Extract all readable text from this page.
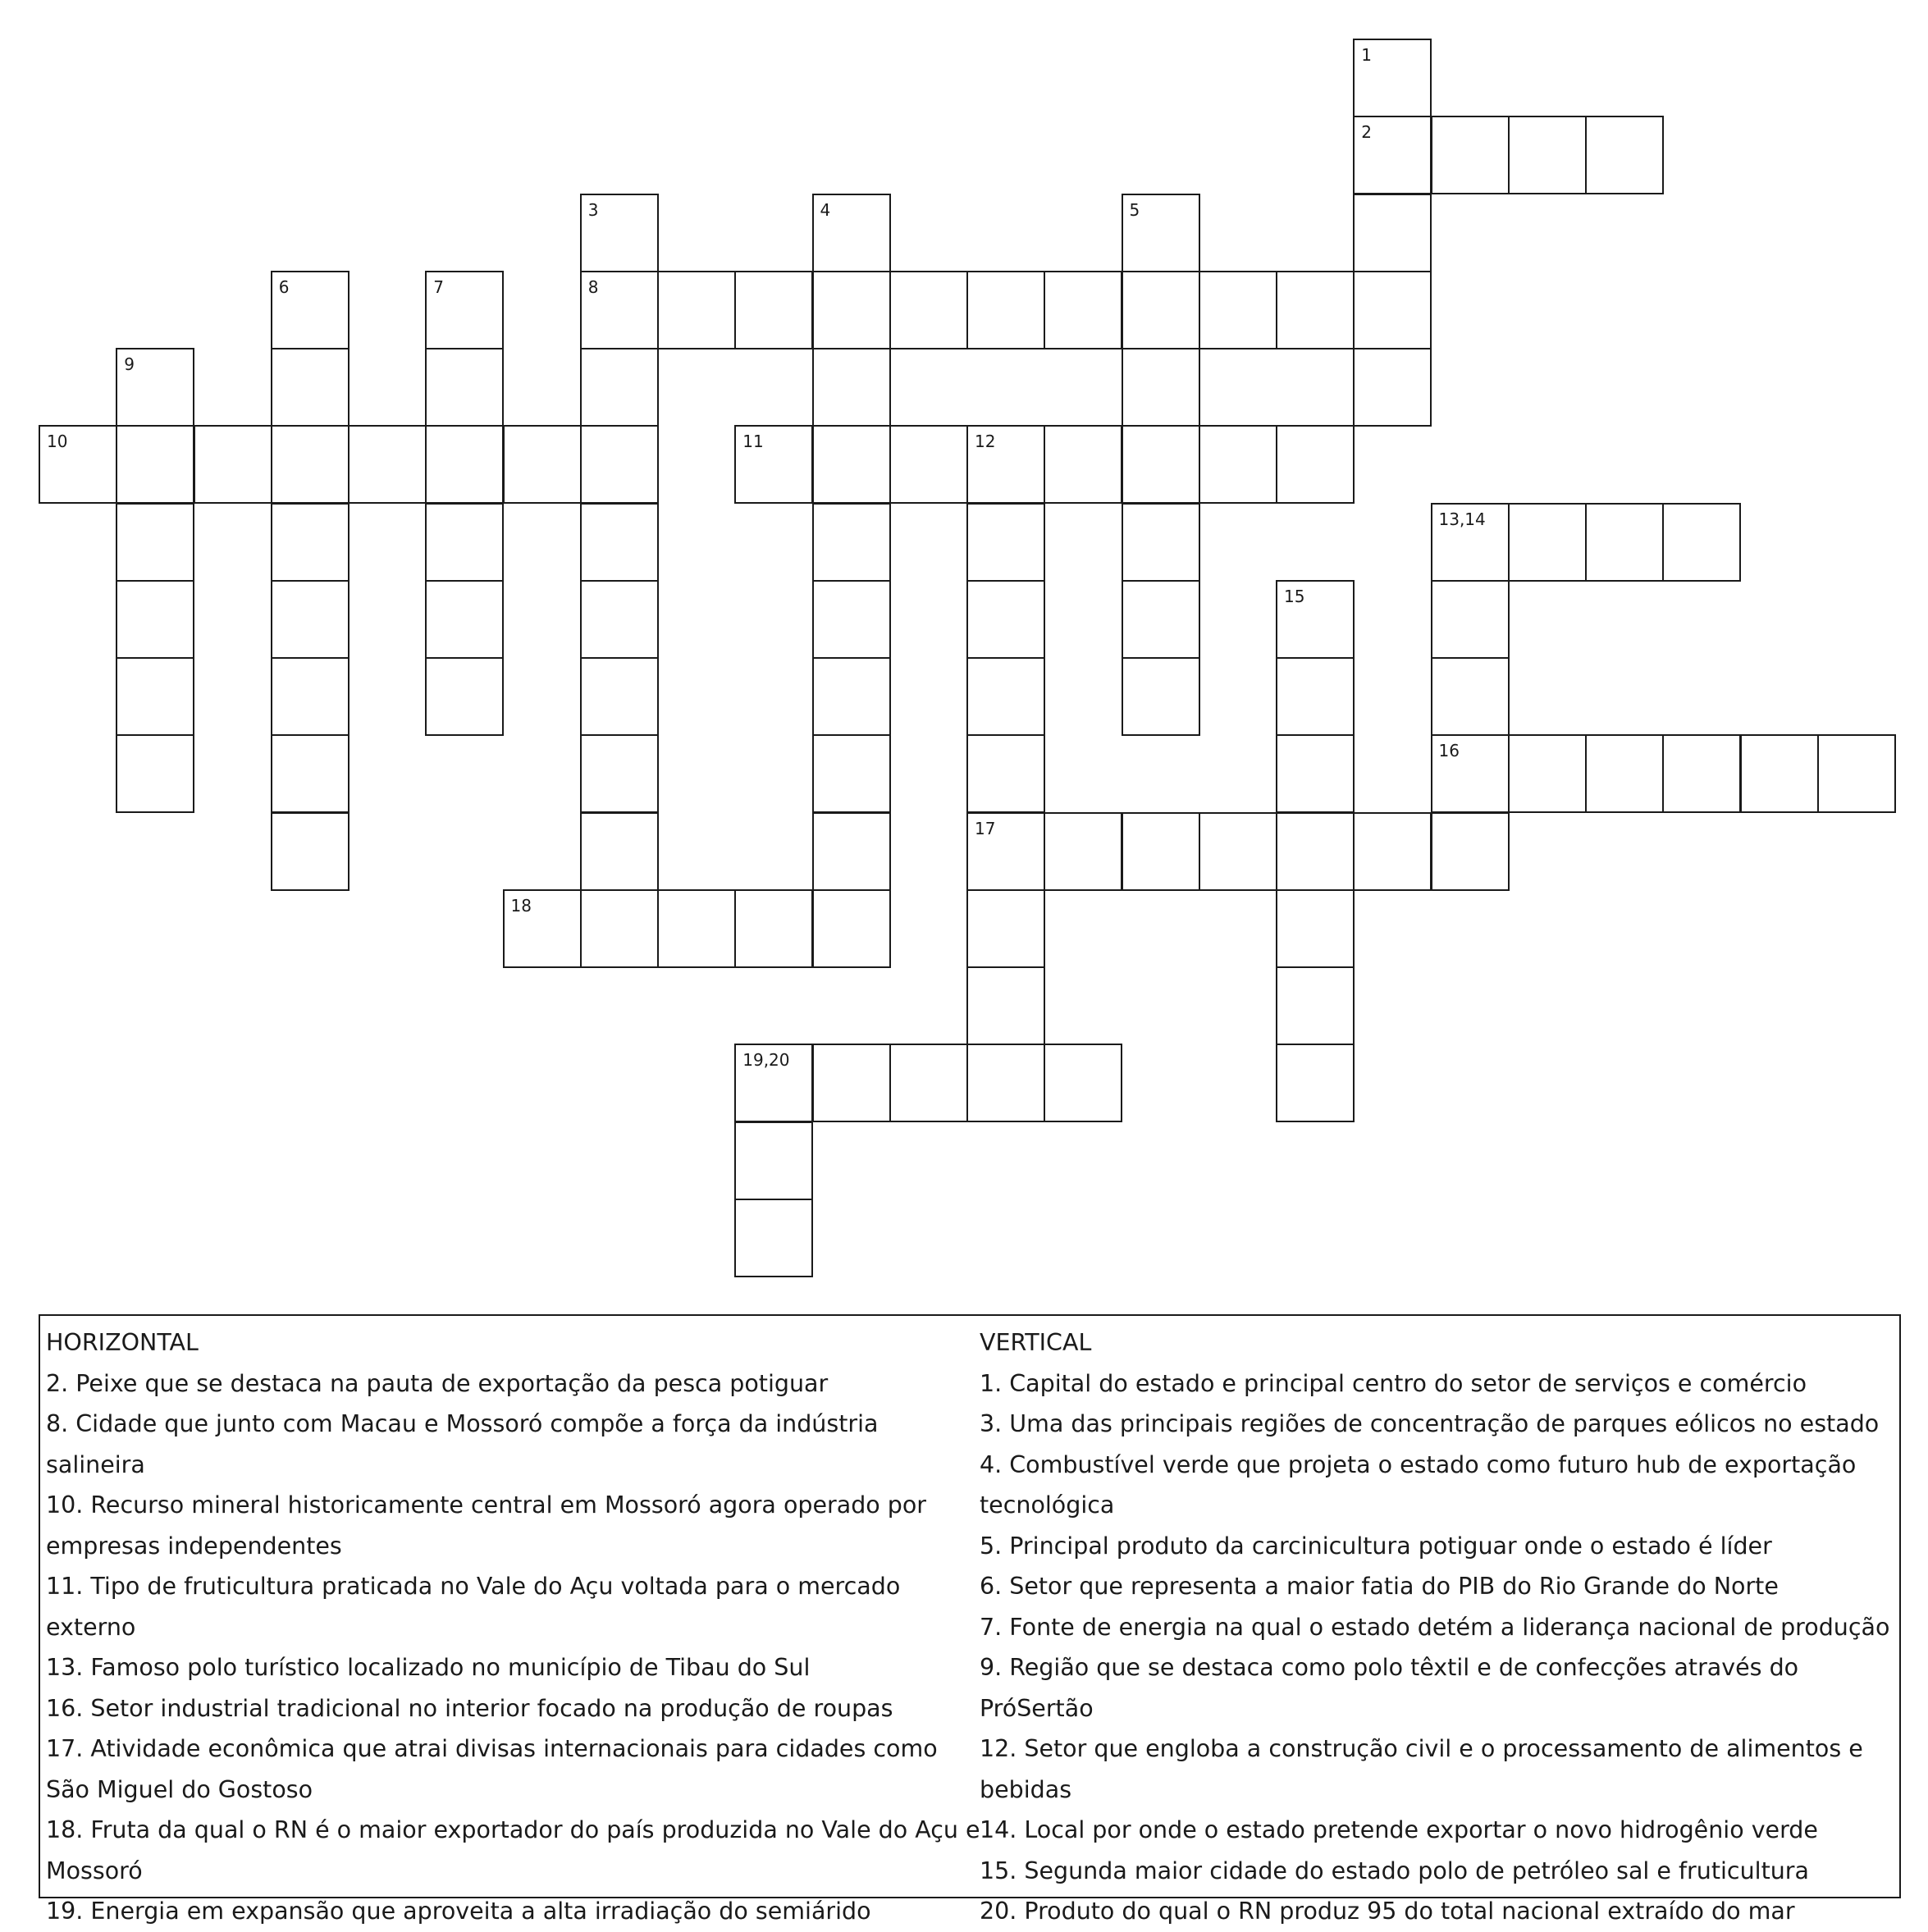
1
2
3	4	5
6	7	8
9
10	11	12
13,14
15
16
17
18
19,20
HORIZONTAL
2. Peixe que se destaca na pauta de exportação da pesca potiguar
8. Cidade que junto com Macau e Mossoró compõe a força da indústria salineira
10. Recurso mineral historicamente central em Mossoró agora operado por empresas independentes
11. Tipo de fruticultura praticada no Vale do Açu voltada para o mercado externo
13. Famoso polo turístico localizado no município de Tibau do Sul
16. Setor industrial tradicional no interior focado na produção de roupas
17. Atividade econômica que atrai divisas internacionais para cidades como São Miguel do Gostoso
18. Fruta da qual o RN é o maior exportador do país produzida no Vale do Açu e Mossoró
19. Energia em expansão que aproveita a alta irradiação do semiárido
VERTICAL
1. Capital do estado e principal centro do setor de serviços e comércio
3. Uma das principais regiões de concentração de parques eólicos no estado
4. Combustível verde que projeta o estado como futuro hub de exportação tecnológica
5. Principal produto da carcinicultura potiguar onde o estado é líder
6. Setor que representa a maior fatia do PIB do Rio Grande do Norte
7. Fonte de energia na qual o estado detém a liderança nacional de produção
9. Região que se destaca como polo têxtil e de confecções através do PróSertão
12. Setor que engloba a construção civil e o processamento de alimentos e bebidas
14. Local por onde o estado pretende exportar o novo hidrogênio verde
15. Segunda maior cidade do estado polo de petróleo sal e fruticultura
20. Produto do qual o RN produz 95 do total nacional extraído do mar
